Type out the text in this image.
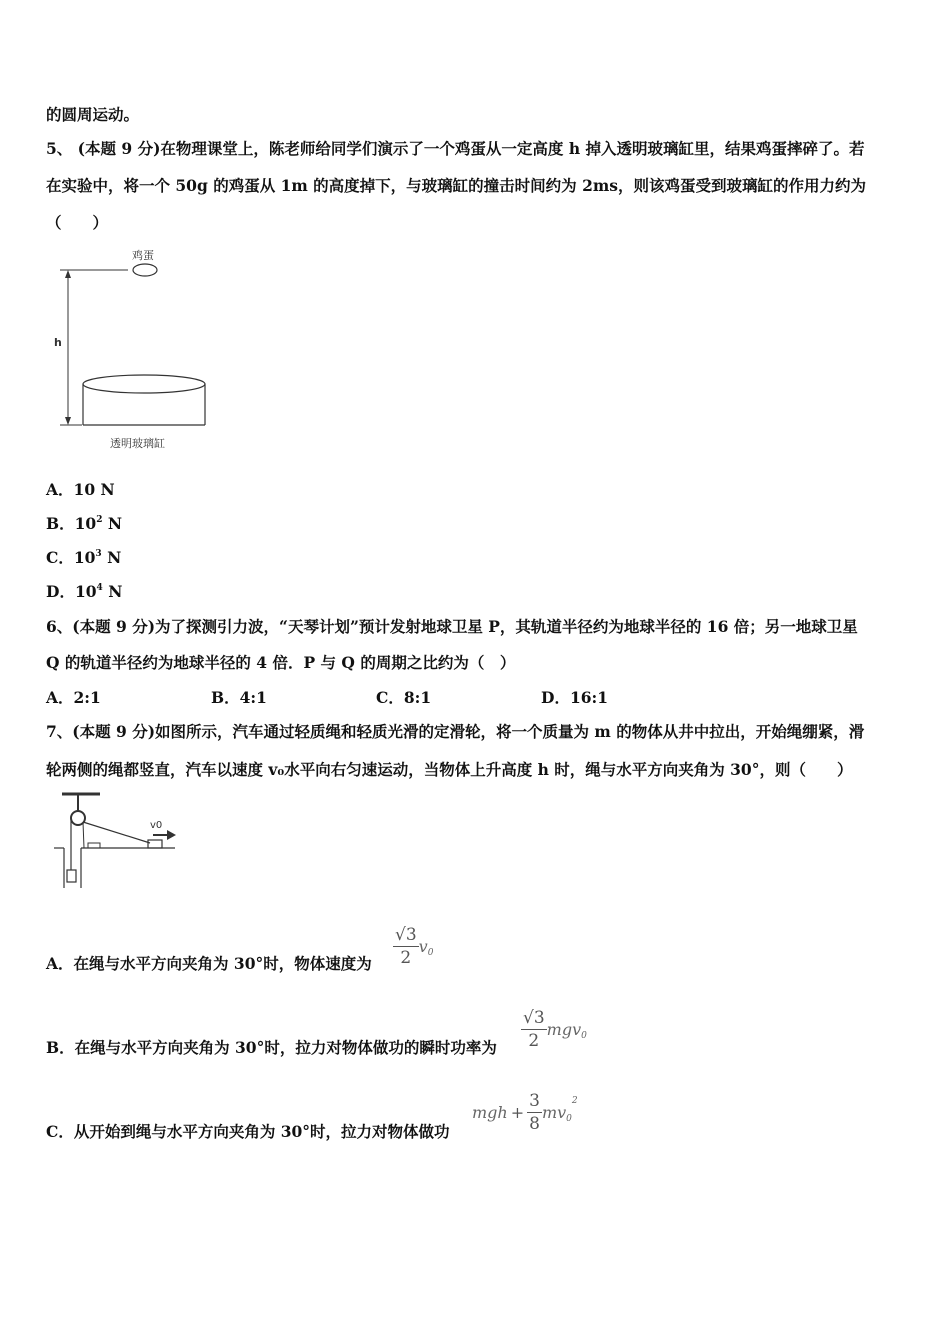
的圆周运动。
5、 (本题 9 分)在物理课堂上，陈老师给同学们演示了一个鸡蛋从一定高度 h 掉入透明玻璃缸里，结果鸡蛋摔碎了。若
在实验中，将一个 50g 的鸡蛋从 1m 的高度掉下，与玻璃缸的撞击时间约为 2ms，则该鸡蛋受到玻璃缸的作用力约为
（　　）
鸡蛋
h
透明玻璃缸
A．10 N
B．$10^2$ N
C．$10^3$ N
D．$10^4$ N
6、(本题 9 分)为了探测引力波，“天琴计划”预计发射地球卫星 P，其轨道半径约为地球半径的 16 倍；另一地球卫星
Q 的轨道半径约为地球半径的 4 倍．P 与 Q 的周期之比约为（　）
A．2:1	B．4:1	C．8:1	D．16:1
7、(本题 9 分)如图所示，汽车通过轻质绳和轻质光滑的定滑轮，将一个质量为 m 的物体从井中拉出，开始绳绷紧，滑
轮两侧的绳都竖直，汽车以速度 v₀水平向右匀速运动，当物体上升高度 h 时，绳与水平方向夹角为 30°，则（　　）
v0
A．在绳与水平方向夹角为 30°时，物体速度为 $\frac{√3}{2} v_0$
B．在绳与水平方向夹角为 30°时，拉力对物体做功的瞬时功率为 $\frac{√3}{2} mgv_0$
C．从开始到绳与水平方向夹角为 30°时，拉力对物体做功
mgh + $\frac{3}{8} mv_0^2$
